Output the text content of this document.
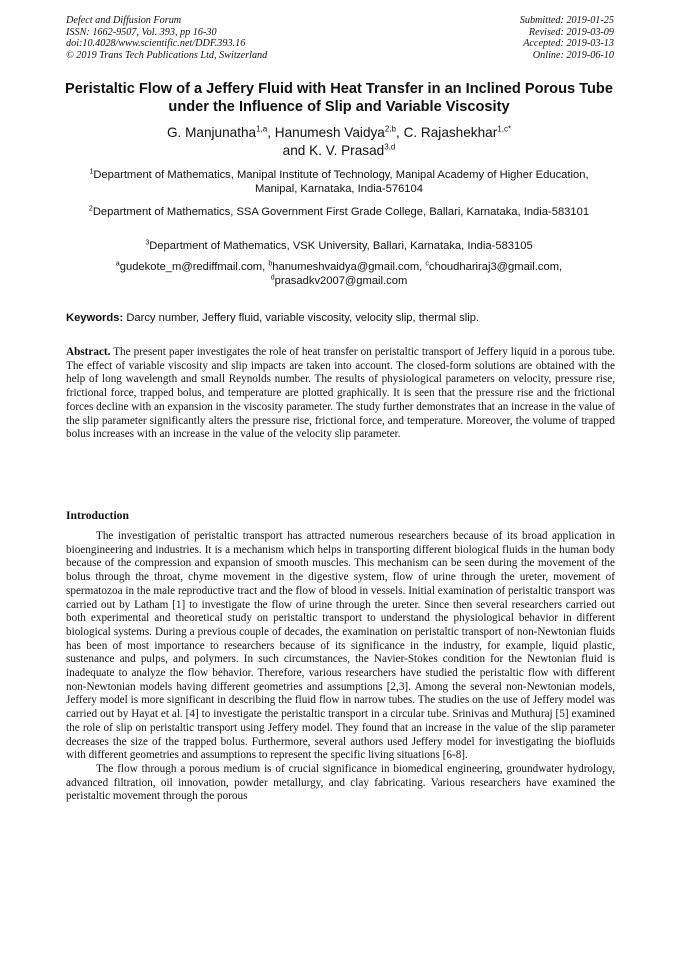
Defect and Diffusion Forum
ISSN: 1662-9507, Vol. 393, pp 16-30
doi:10.4028/www.scientific.net/DDF.393.16
© 2019 Trans Tech Publications Ltd, Switzerland
Submitted: 2019-01-25
Revised: 2019-03-09
Accepted: 2019-03-13
Online: 2019-06-10
Peristaltic Flow of a Jeffery Fluid with Heat Transfer in an Inclined Porous Tube under the Influence of Slip and Variable Viscosity
G. Manjunatha$^{1,a}$, Hanumesh Vaidya$^{2,b}$, C. Rajashekhar$^{1,c*}$
and K. V. Prasad$^{3,d}$
$^1$Department of Mathematics, Manipal Institute of Technology, Manipal Academy of Higher Education, Manipal, Karnataka, India-576104
$^2$Department of Mathematics, SSA Government First Grade College, Ballari, Karnataka, India-583101
$^3$Department of Mathematics, VSK University, Ballari, Karnataka, India-583105
$^a$gudekote_m@rediffmail.com, $^b$hanumeshvaidya@gmail.com, $^c$choudhariraj3@gmail.com,
$^d$prasadkv2007@gmail.com
Keywords: Darcy number, Jeffery fluid, variable viscosity, velocity slip, thermal slip.
Abstract. The present paper investigates the role of heat transfer on peristaltic transport of Jeffery liquid in a porous tube. The effect of variable viscosity and slip impacts are taken into account. The closed-form solutions are obtained with the help of long wavelength and small Reynolds number. The results of physiological parameters on velocity, pressure rise, frictional force, trapped bolus, and temperature are plotted graphically. It is seen that the pressure rise and the frictional forces decline with an expansion in the viscosity parameter. The study further demonstrates that an increase in the value of the slip parameter significantly alters the pressure rise, frictional force, and temperature. Moreover, the volume of trapped bolus increases with an increase in the value of the velocity slip parameter.
Introduction

The investigation of peristaltic transport has attracted numerous researchers because of its broad application in bioengineering and industries. It is a mechanism which helps in transporting different biological fluids in the human body because of the compression and expansion of smooth muscles. This mechanism can be seen during the movement of the bolus through the throat, chyme movement in the digestive system, flow of urine through the ureter, movement of spermatozoa in the male reproductive tract and the flow of blood in vessels. Initial examination of peristaltic transport was carried out by Latham [1] to investigate the flow of urine through the ureter. Since then several researchers carried out both experimental and theoretical study on peristaltic transport to understand the physiological behavior in different biological systems. During a previous couple of decades, the examination on peristaltic transport of non-Newtonian fluids has been of most importance to researchers because of its significance in the industry, for example, liquid plastic, sustenance and pulps, and polymers. In such circumstances, the Navier-Stokes condition for the Newtonian fluid is inadequate to analyze the flow behavior. Therefore, various researchers have studied the peristaltic flow with different non-Newtonian models having different geometries and assumptions [2,3]. Among the several non-Newtonian models, Jeffery model is more significant in describing the fluid flow in narrow tubes. The studies on the use of Jeffery model was carried out by Hayat et al. [4] to investigate the peristaltic transport in a circular tube. Srinivas and Muthuraj [5] examined the role of slip on peristaltic transport using Jeffery model. They found that an increase in the value of the slip parameter decreases the size of the trapped bolus. Furthermore, several authors used Jeffery model for investigating the biofluids with different geometries and assumptions to represent the specific living situations [6-8].

The flow through a porous medium is of crucial significance in biomedical engineering, groundwater hydrology, advanced filtration, oil innovation, powder metallurgy, and clay fabricating. Various researchers have examined the peristaltic movement through the porous
